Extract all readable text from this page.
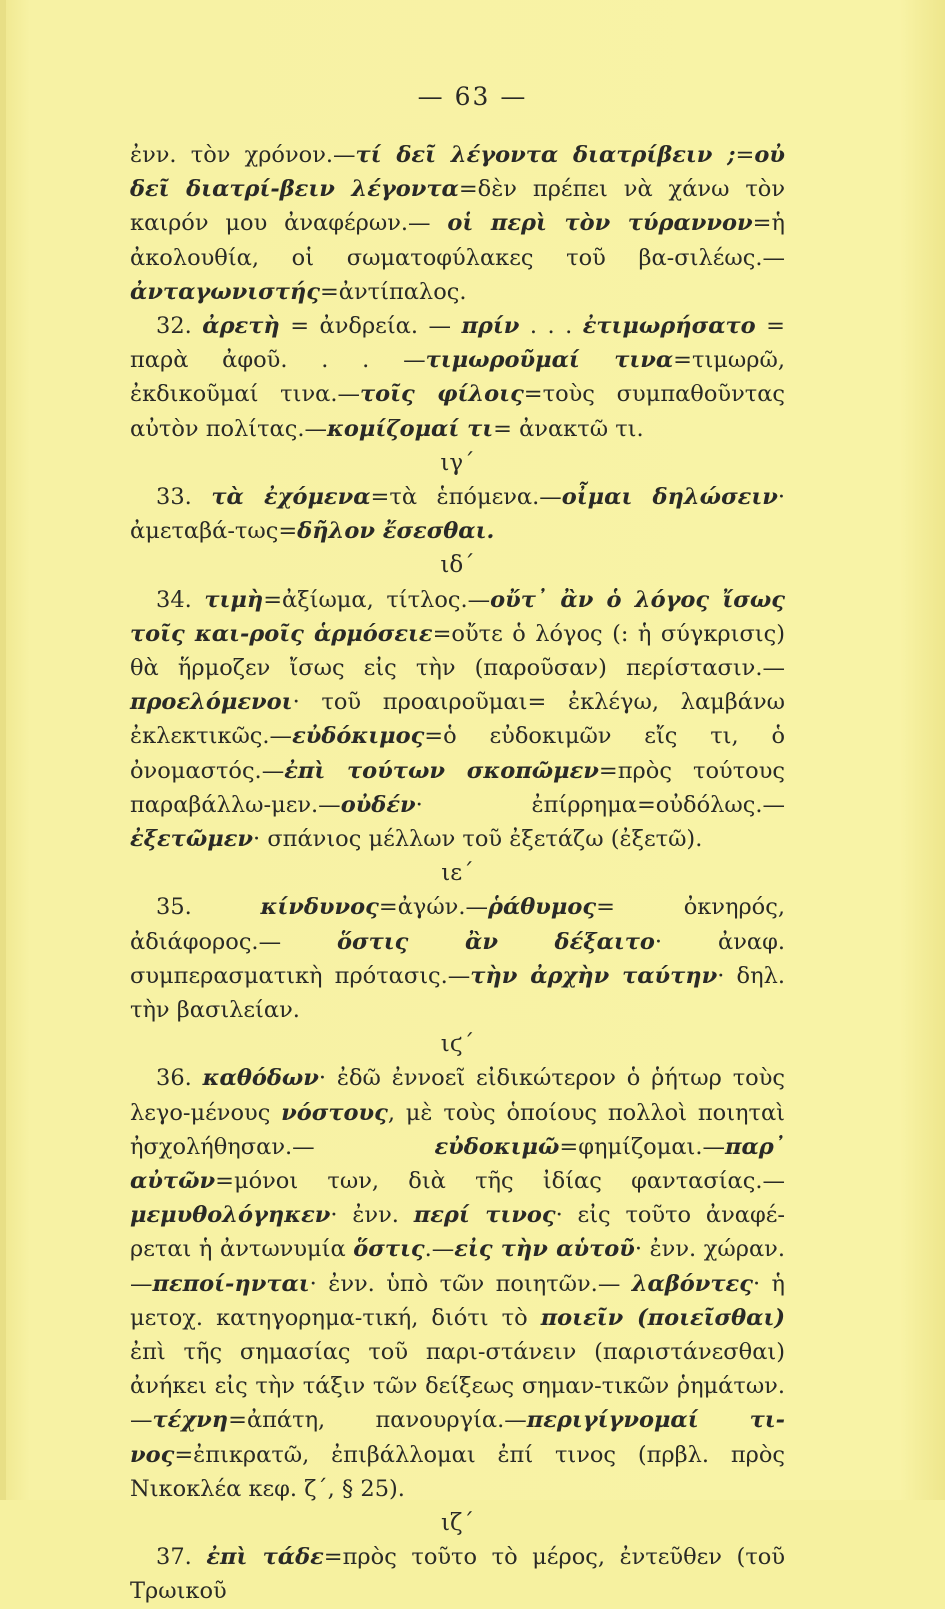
— 63 —

ἐνν. τὸν χρόνον.—τί δεῖ λέγοντα διατρίβειν ;=οὐ δεῖ διατρί-βειν λέγοντα=δὲν πρέπει νὰ χάνω τὸν καιρόν μου ἀναφέρων.— οἱ περὶ τὸν τύραννον=ἡ ἀκολουθία, οἱ σωματοφύλακες τοῦ βα-σιλέως.—ἀνταγωνιστής=ἀντίπαλος.

32. ἀρετὴ = ἀνδρεία. — πρίν . . . ἐτιμωρήσατο = παρὰ ἀφοῦ. . . —τιμωροῦμαί τινα=τιμωρῶ, ἐκδικοῦμαί τινα.—τοῖς φίλοις=τοὺς συμπαθοῦντας αὐτὸν πολίτας.—κομίζομαί τι= ἀνακτῶ τι.

ιγ΄

33. τὰ ἐχόμενα=τὰ ἑπόμενα.—οἶμαι δηλώσειν· ἀμεταβά-τως=δῆλον ἔσεσθαι.

ιδ΄

34. τιμὴ=ἀξίωμα, τίτλος.—οὔτ᾽ ἂν ὁ λόγος ἴσως τοῖς και-ροῖς ἁρμόσειε=οὔτε ὁ λόγος (: ἡ σύγκρισις) θὰ ἥρμοζεν ἴσως εἰς τὴν (παροῦσαν) περίστασιν.—προελόμενοι· τοῦ προαιροῦμαι= ἐκλέγω, λαμβάνω ἐκλεκτικῶς.—εὐδόκιμος=ὁ εὐδοκιμῶν εἴς τι, ὁ ὀνομαστός.—ἐπὶ τούτων σκοπῶμεν=πρὸς τούτους παραβάλλω-μεν.—οὐδέν· ἐπίρρημα=οὐδόλως.—ἐξετῶμεν· σπάνιος μέλλων τοῦ ἐξετάζω (ἐξετῶ).

ιε΄

35. κίνδυνος=ἀγών.—ῥάθυμος= ὀκνηρός, ἀδιάφορος.— ὅστις ἂν δέξαιτο· ἀναφ. συμπερασματικὴ πρότασις.—τὴν ἀρχὴν ταύτην· δηλ. τὴν βασιλείαν.

ιϛ΄

36. καθόδων· ἐδῶ ἐννοεῖ εἰδικώτερον ὁ ῥήτωρ τοὺς λεγο-μένους νόστους, μὲ τοὺς ὁποίους πολλοὶ ποιηταὶ ἠσχολήθησαν.— εὐδοκιμῶ=φημίζομαι.—παρ᾽ αὐτῶν=μόνοι των, διὰ τῆς ἰδίας φαντασίας.—μεμυθολόγηκεν· ἐνν. περί τινος· εἰς τοῦτο ἀναφέ-ρεται ἡ ἀντωνυμία ὅστις.—εἰς τὴν αὑτοῦ· ἐνν. χώραν.—πεποί-ηνται· ἐνν. ὑπὸ τῶν ποιητῶν.— λαβόντες· ἡ μετοχ. κατηγορημα-τική, διότι τὸ ποιεῖν (ποιεῖσθαι) ἐπὶ τῆς σημασίας τοῦ παρι-στάνειν (παριστάνεσθαι) ἀνήκει εἰς τὴν τάξιν τῶν δείξεως σημαν-τικῶν ῥημάτων.—τέχνη=ἀπάτη, πανουργία.—περιγίγνομαί τι-νος=ἐπικρατῶ, ἐπιβάλλομαι ἐπί τινος (πρβλ. πρὸς Νικοκλέα κεφ. ζ΄, § 25).

ιζ΄

37. ἐπὶ τάδε=πρὸς τοῦτο τὸ μέρος, ἐντεῦθεν (τοῦ Τρωικοῦ
